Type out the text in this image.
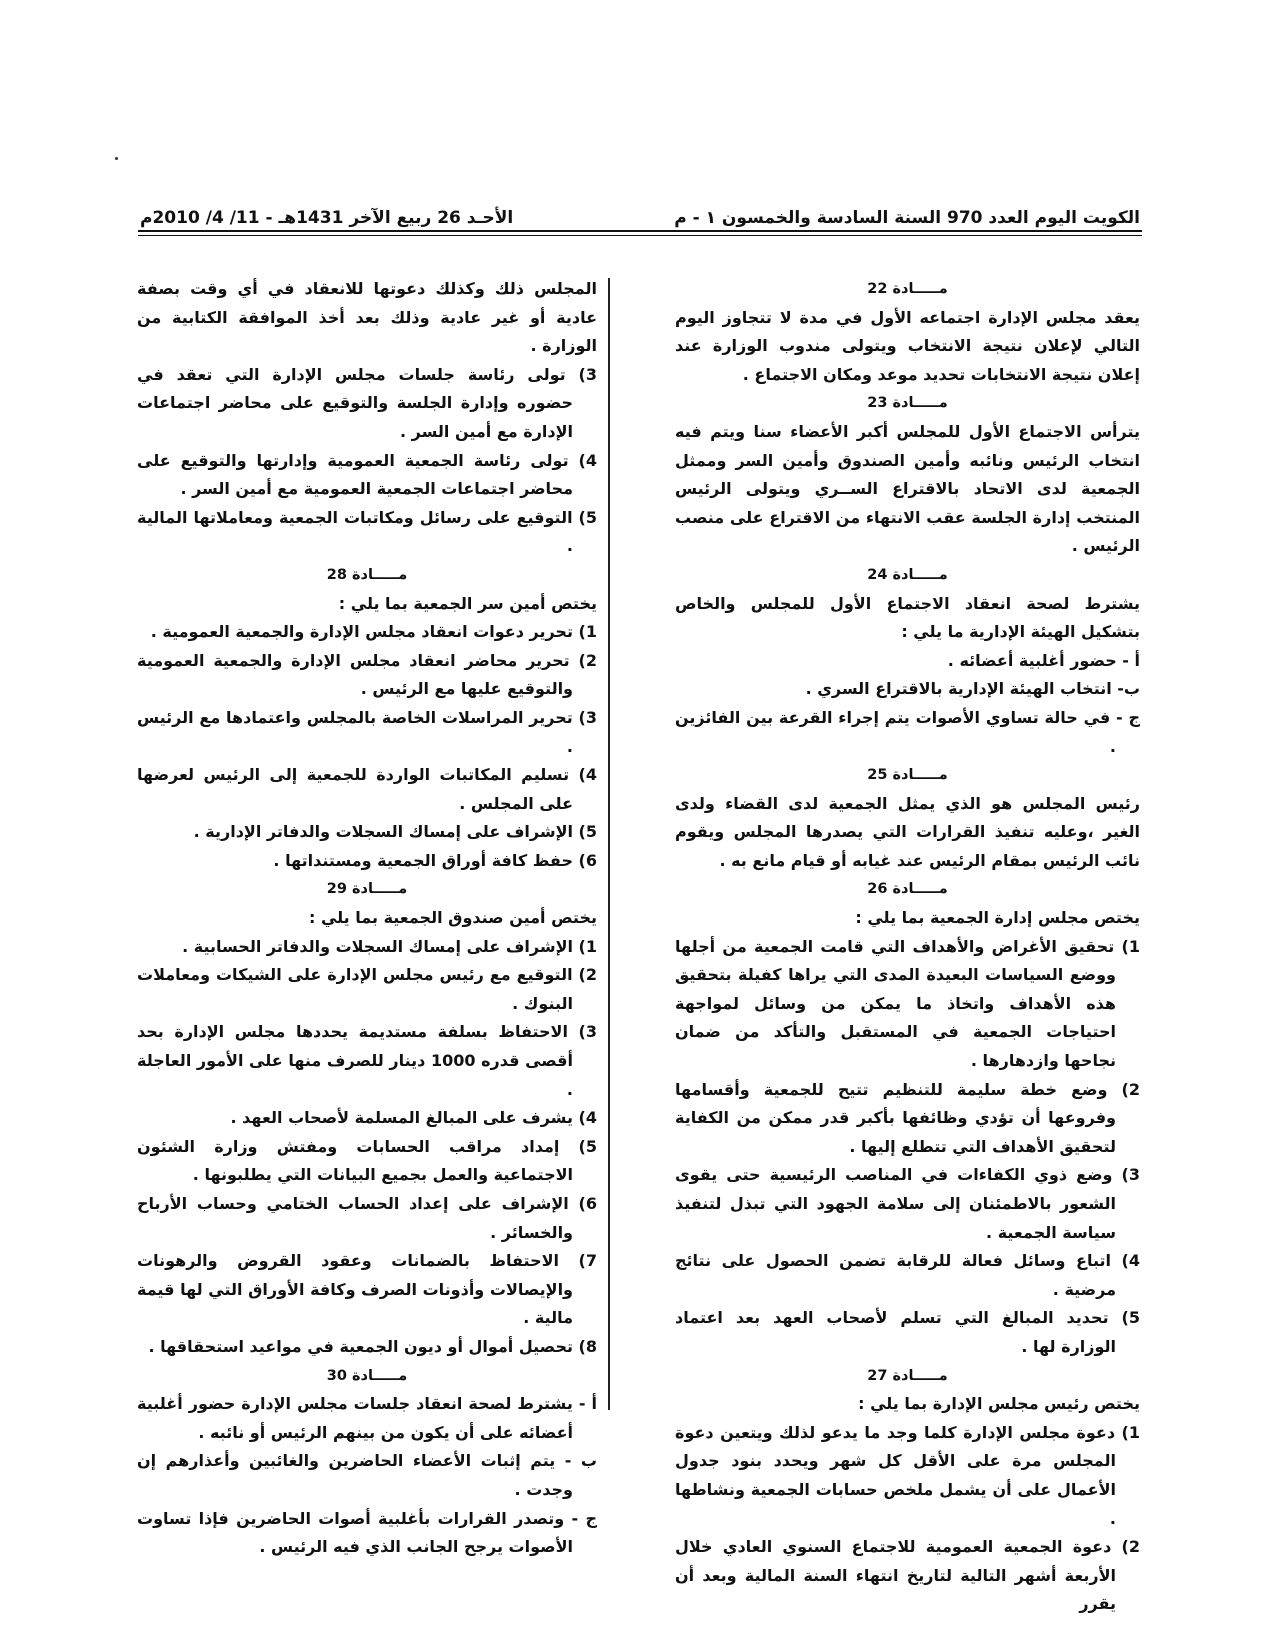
الكويت اليوم العدد 970 السنة السادسة والخمسون ١ - م
الأحـد 26 ربيع الآخر 1431هـ - 11/ 4/ 2010م

مـــــادة 22

يعقد مجلس الإدارة اجتماعه الأول في مدة لا تتجاوز اليوم التالي لإعلان نتيجة الانتخاب ويتولى مندوب الوزارة عند إعلان نتيجة الانتخابات تحديد موعد ومكان الاجتماع .

مـــــادة 23

يترأس الاجتماع الأول للمجلس أكبر الأعضاء سنا ويتم فيه انتخاب الرئيس ونائبه وأمين الصندوق وأمين السر وممثل الجمعية لدى الاتحاد بالاقتراع الســري ويتولى الرئيس المنتخب إدارة الجلسة عقب الانتهاء من الاقتراع على منصب الرئيس .

مـــــادة 24

يشترط لصحة انعقاد الاجتماع الأول للمجلس والخاص بتشكيل الهيئة الإدارية ما يلي :

أ - حضور أغلبية أعضائه .

ب- انتخاب الهيئة الإدارية بالاقتراع السري .

ج - في حالة تساوي الأصوات يتم إجراء القرعة بين الفائزين .

مـــــادة 25

رئيس المجلس هو الذي يمثل الجمعية لدى القضاء ولدى الغير ،وعليه تنفيذ القرارات التي يصدرها المجلس ويقوم نائب الرئيس بمقام الرئيس عند غيابه أو قيام مانع به .

مـــــادة 26

يختص مجلس إدارة الجمعية بما يلي :

1) تحقيق الأغراض والأهداف التي قامت الجمعية من أجلها ووضع السياسات البعيدة المدى التي يراها كفيلة بتحقيق هذه الأهداف واتخاذ ما يمكن من وسائل لمواجهة احتياجات الجمعية في المستقبل والتأكد من ضمان نجاحها وازدهارها .

2) وضع خطة سليمة للتنظيم تتيح للجمعية وأقسامها وفروعها أن تؤدي وظائفها بأكبر قدر ممكن من الكفاية لتحقيق الأهداف التي تتطلع إليها .

3) وضع ذوي الكفاءات في المناصب الرئيسية حتى يقوى الشعور بالاطمئنان إلى سلامة الجهود التي تبذل لتنفيذ سياسة الجمعية .

4) اتباع وسائل فعالة للرقابة تضمن الحصول على نتائج مرضية .

5) تحديد المبالغ التي تسلم لأصحاب العهد بعد اعتماد الوزارة لها .

مـــــادة 27

يختص رئيس مجلس الإدارة بما يلي :

1) دعوة مجلس الإدارة كلما وجد ما يدعو لذلك ويتعين دعوة المجلس مرة على الأقل كل شهر ويحدد بنود جدول الأعمال على أن يشمل ملخص حسابات الجمعية ونشاطها .

2) دعوة الجمعية العمومية للاجتماع السنوي العادي خلال الأربعة أشهر التالية لتاريخ انتهاء السنة المالية وبعد أن يقرر

المجلس ذلك وكذلك دعوتها للانعقاد في أي وقت بصفة عادية أو غير عادية وذلك بعد أخذ الموافقة الكتابية من الوزارة .

3) تولى رئاسة جلسات مجلس الإدارة التي تعقد في حضوره وإدارة الجلسة والتوقيع على محاضر اجتماعات الإدارة مع أمين السر .

4) تولى رئاسة الجمعية العمومية وإدارتها والتوقيع على محاضر اجتماعات الجمعية العمومية مع أمين السر .

5) التوقيع على رسائل ومكاتبات الجمعية ومعاملاتها المالية .

مـــــادة 28

يختص أمين سر الجمعية بما يلي :

1) تحرير دعوات انعقاد مجلس الإدارة والجمعية العمومية .

2) تحرير محاضر انعقاد مجلس الإدارة والجمعية العمومية والتوقيع عليها مع الرئيس .

3) تحرير المراسلات الخاصة بالمجلس واعتمادها مع الرئيس .

4) تسليم المكاتبات الواردة للجمعية إلى الرئيس لعرضها على المجلس .

5) الإشراف على إمساك السجلات والدفاتر الإدارية .

6) حفظ كافة أوراق الجمعية ومستنداتها .

مـــــادة 29

يختص أمين صندوق الجمعية بما يلي :

1) الإشراف على إمساك السجلات والدفاتر الحسابية .

2) التوقيع مع رئيس مجلس الإدارة على الشيكات ومعاملات البنوك .

3) الاحتفاظ بسلفة مستديمة يحددها مجلس الإدارة بحد أقصى قدره 1000 دينار للصرف منها على الأمور العاجلة .

4) يشرف على المبالغ المسلمة لأصحاب العهد .

5) إمداد مراقب الحسابات ومفتش وزارة الشئون الاجتماعية والعمل بجميع البيانات التي يطلبونها .

6) الإشراف على إعداد الحساب الختامي وحساب الأرباح والخسائر .

7) الاحتفاظ بالضمانات وعقود القروض والرهونات والإيصالات وأذونات الصرف وكافة الأوراق التي لها قيمة مالية .

8) تحصيل أموال أو ديون الجمعية في مواعيد استحقاقها .

مـــــادة 30

أ - يشترط لصحة انعقاد جلسات مجلس الإدارة حضور أغلبية أعضائه على أن يكون من بينهم الرئيس أو نائبه .

ب - يتم إثبات الأعضاء الحاضرين والغائبين وأعذارهم إن وجدت .

ج - وتصدر القرارات بأغلبية أصوات الحاضرين فإذا تساوت الأصوات يرجح الجانب الذي فيه الرئيس .
